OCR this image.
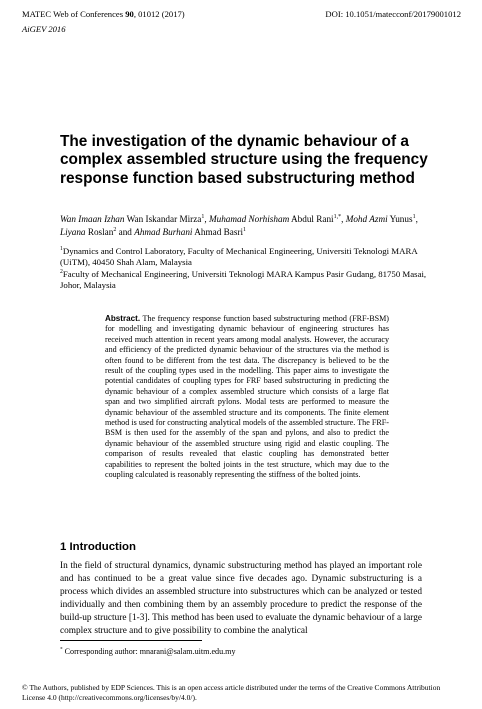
MATEC Web of Conferences 90, 01012 (2017)	DOI: 10.1051/matecconf/20179001012
AiGEV 2016
The investigation of the dynamic behaviour of a complex assembled structure using the frequency response function based substructuring method
Wan Imaan Izhan Wan Iskandar Mirza$^1$, Muhamad Norhisham Abdul Rani$^{1,*}$, Mohd Azmi Yunus$^1$, Liyana Roslan$^2$ and Ahmad Burhani Ahmad Basri$^1$
$^1$Dynamics and Control Laboratory, Faculty of Mechanical Engineering, Universiti Teknologi MARA (UiTM), 40450 Shah Alam, Malaysia
$^2$Faculty of Mechanical Engineering, Universiti Teknologi MARA Kampus Pasir Gudang, 81750 Masai, Johor, Malaysia
Abstract. The frequency response function based substructuring method (FRF-BSM) for modelling and investigating dynamic behaviour of engineering structures has received much attention in recent years among modal analysts. However, the accuracy and efficiency of the predicted dynamic behaviour of the structures via the method is often found to be different from the test data. The discrepancy is believed to be the result of the coupling types used in the modelling. This paper aims to investigate the potential candidates of coupling types for FRF based substructuring in predicting the dynamic behaviour of a complex assembled structure which consists of a large flat span and two simplified aircraft pylons. Modal tests are performed to measure the dynamic behaviour of the assembled structure and its components. The finite element method is used for constructing analytical models of the assembled structure. The FRF-BSM is then used for the assembly of the span and pylons, and also to predict the dynamic behaviour of the assembled structure using rigid and elastic coupling. The comparison of results revealed that elastic coupling has demonstrated better capabilities to represent the bolted joints in the test structure, which may due to the coupling calculated is reasonably representing the stiffness of the bolted joints.
1 Introduction
In the field of structural dynamics, dynamic substructuring method has played an important role and has continued to be a great value since five decades ago. Dynamic substructuring is a process which divides an assembled structure into substructures which can be analyzed or tested individually and then combining them by an assembly procedure to predict the response of the build-up structure [1-3]. This method has been used to evaluate the dynamic behaviour of a large complex structure and to give possibility to combine the analytical
* Corresponding author: mnarani@salam.uitm.edu.my
© The Authors, published by EDP Sciences. This is an open access article distributed under the terms of the Creative Commons Attribution License 4.0 (http://creativecommons.org/licenses/by/4.0/).
